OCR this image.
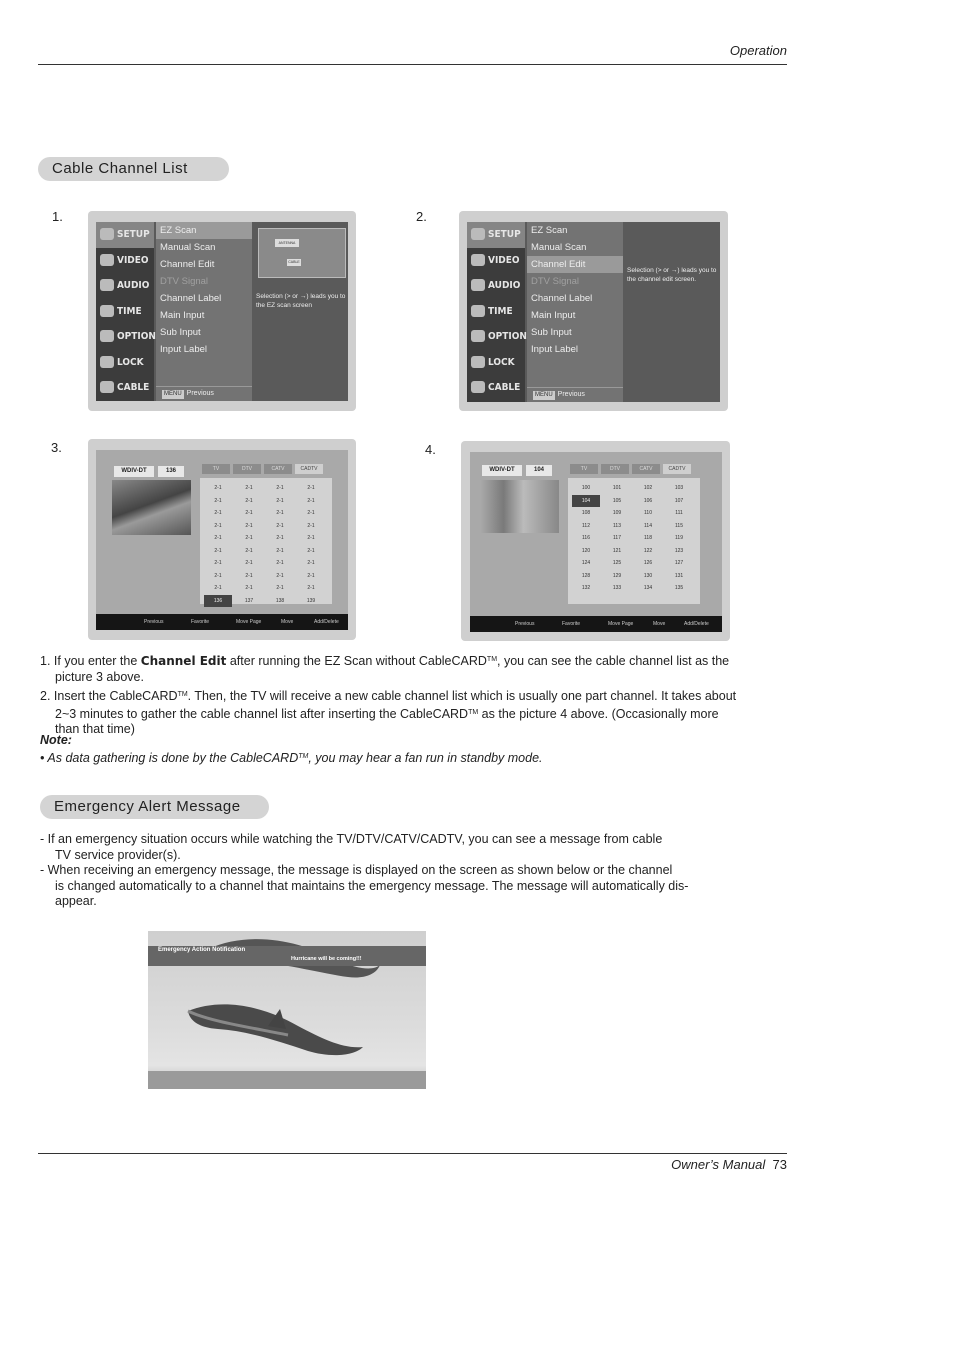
Operation
Cable Channel List
1.	2.
3.	4.
SETUP
VIDEO
AUDIO
TIME
OPTION
LOCK
CABLE
EZ Scan
Manual Scan
Channel Edit
DTV Signal
Channel Label
Main Input
Sub Input
Input Label
MENU Previous
ANTENNA
CABLE
Selection (> or →) leads you to the EZ scan screen
SETUP
VIDEO
AUDIO
TIME
OPTION
LOCK
CABLE
EZ Scan
Manual Scan
Channel Edit
DTV Signal
Channel Label
Main Input
Sub Input
Input Label
MENU Previous
Selection (> or →) leads you to the channel edit screen.
WDIV-DT	136	TV	DTV	CATV	CADTV
2-1	2-1	2-1	2-1
2-1	2-1	2-1	2-1
2-1	2-1	2-1	2-1
2-1	2-1	2-1	2-1
2-1	2-1	2-1	2-1
2-1	2-1	2-1	2-1
2-1	2-1	2-1	2-1
2-1	2-1	2-1	2-1
2-1	2-1	2-1	2-1
136	137	138	139
Previous	Favorite	Move Page	Move	Add/Delete
WDIV-DT	104	TV	DTV	CATV	CADTV
100	101	102	103
104	105	106	107
108	109	110	111
112	113	114	115
116	117	118	119
120	121	122	123
124	125	126	127
128	129	130	131
132	133	134	135
Previous	Favorite	Move Page	Move	Add/Delete
1. If you enter the Channel Edit after running the EZ Scan without CableCARD™, you can see the cable channel list as the
picture 3 above.
2. Insert the CableCARD™. Then, the TV will receive a new cable channel list which is usually one part channel. It takes about
2~3 minutes to gather the cable channel list after inserting the CableCARD™ as the picture 4 above. (Occasionally more
than that time)
Note:
• As data gathering is done by the CableCARD™, you may hear a fan run in standby mode.
Emergency Alert Message
- If an emergency situation occurs while watching the TV/DTV/CATV/CADTV, you can see a message from cable
TV service provider(s).
- When receiving an emergency message, the message is displayed on the screen as shown below or the channel
is changed automatically to a channel that maintains the emergency message. The message will automatically dis-
appear.
Emergency Action Notification
Hurricane will be coming!!!
Owner’s Manual 73
